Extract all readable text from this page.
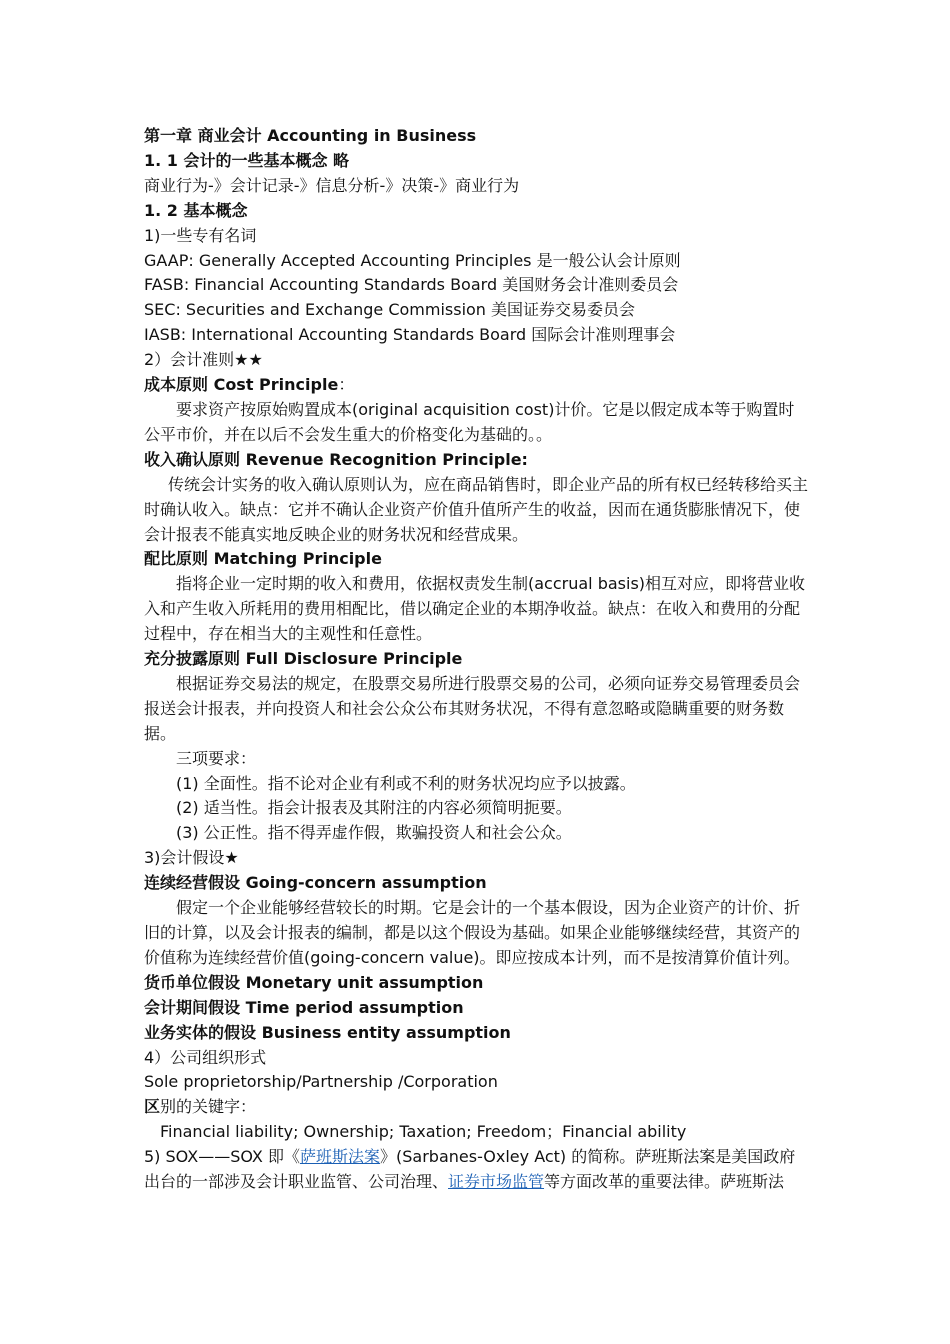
第一章 商业会计 Accounting in Business

1. 1 会计的一些基本概念 略

商业行为-》会计记录-》信息分析-》决策-》商业行为

1. 2 基本概念

1)一些专有名词

GAAP: Generally Accepted Accounting Principles 是一般公认会计原则

FASB: Financial Accounting Standards Board 美国财务会计准则委员会

SEC: Securities and Exchange Commission 美国证券交易委员会

IASB: International Accounting Standards Board 国际会计准则理事会

2）会计准则★★

成本原则 Cost Principle：

要求资产按原始购置成本(original acquisition cost)计价。它是以假定成本等于购置时公平市价，并在以后不会发生重大的价格变化为基础的。。

收入确认原则 Revenue Recognition Principle:

传统会计实务的收入确认原则认为，应在商品销售时，即企业产品的所有权已经转移给买主时确认收入。缺点：它并不确认企业资产价值升值所产生的收益，因而在通货膨胀情况下，使会计报表不能真实地反映企业的财务状况和经营成果。

配比原则 Matching Principle

指将企业一定时期的收入和费用，依据权责发生制(accrual basis)相互对应，即将营业收入和产生收入所耗用的费用相配比，借以确定企业的本期净收益。缺点：在收入和费用的分配过程中，存在相当大的主观性和任意性。

充分披露原则 Full Disclosure Principle

根据证券交易法的规定，在股票交易所进行股票交易的公司，必须向证券交易管理委员会报送会计报表，并向投资人和社会公众公布其财务状况，不得有意忽略或隐瞒重要的财务数据。

三项要求：

(1) 全面性。指不论对企业有利或不利的财务状况均应予以披露。

(2) 适当性。指会计报表及其附注的内容必须简明扼要。

(3) 公正性。指不得弄虚作假，欺骗投资人和社会公众。

3)会计假设★

连续经营假设 Going-concern assumption

假定一个企业能够经营较长的时期。它是会计的一个基本假设，因为企业资产的计价、折旧的计算，以及会计报表的编制，都是以这个假设为基础。如果企业能够继续经营，其资产的价值称为连续经营价值(going-concern value)。即应按成本计列，而不是按清算价值计列。

货币单位假设 Monetary unit assumption

会计期间假设 Time period assumption

业务实体的假设 Business entity assumption

4）公司组织形式

Sole proprietorship/Partnership /Corporation

区别的关键字：

Financial liability; Ownership; Taxation; Freedom；Financial ability

5) SOX——SOX 即《萨班斯法案》(Sarbanes-Oxley Act) 的简称。萨班斯法案是美国政府出台的一部涉及会计职业监管、公司治理、证券市场监管等方面改革的重要法律。萨班斯法
